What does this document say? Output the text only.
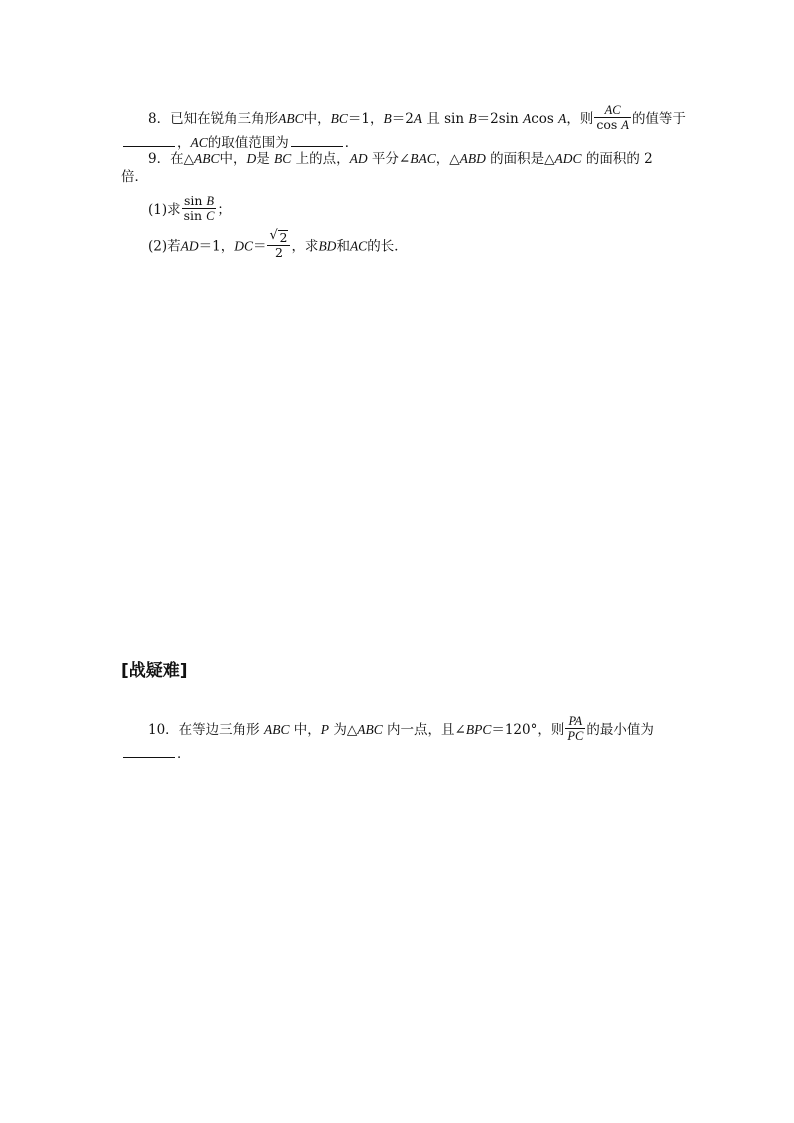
8．已知在锐角三角形ABC中，BC＝1，B＝2A 且 sin B＝2sin Acos A，则 $\frac{AC}{\text{cos A}}$ 的值等于
，AC的取值范围为	．
9．在△ABC中，D是 BC 上的点，AD 平分∠BAC，△ABD 的面积是△ADC 的面积的 2
倍．
(1)求 $\frac{\text{sin B}}{\text{sin C}}$ ；
(2)若AD＝1，$DC= \frac{√ 2}{2}$ ，求BD和AC的长．
[战疑难]
10．在等边三角形 ABC 中，P 为△ABC 内一点，且∠BPC＝120°，则 $\frac{PA}{PC}$ 的最小值为
．
